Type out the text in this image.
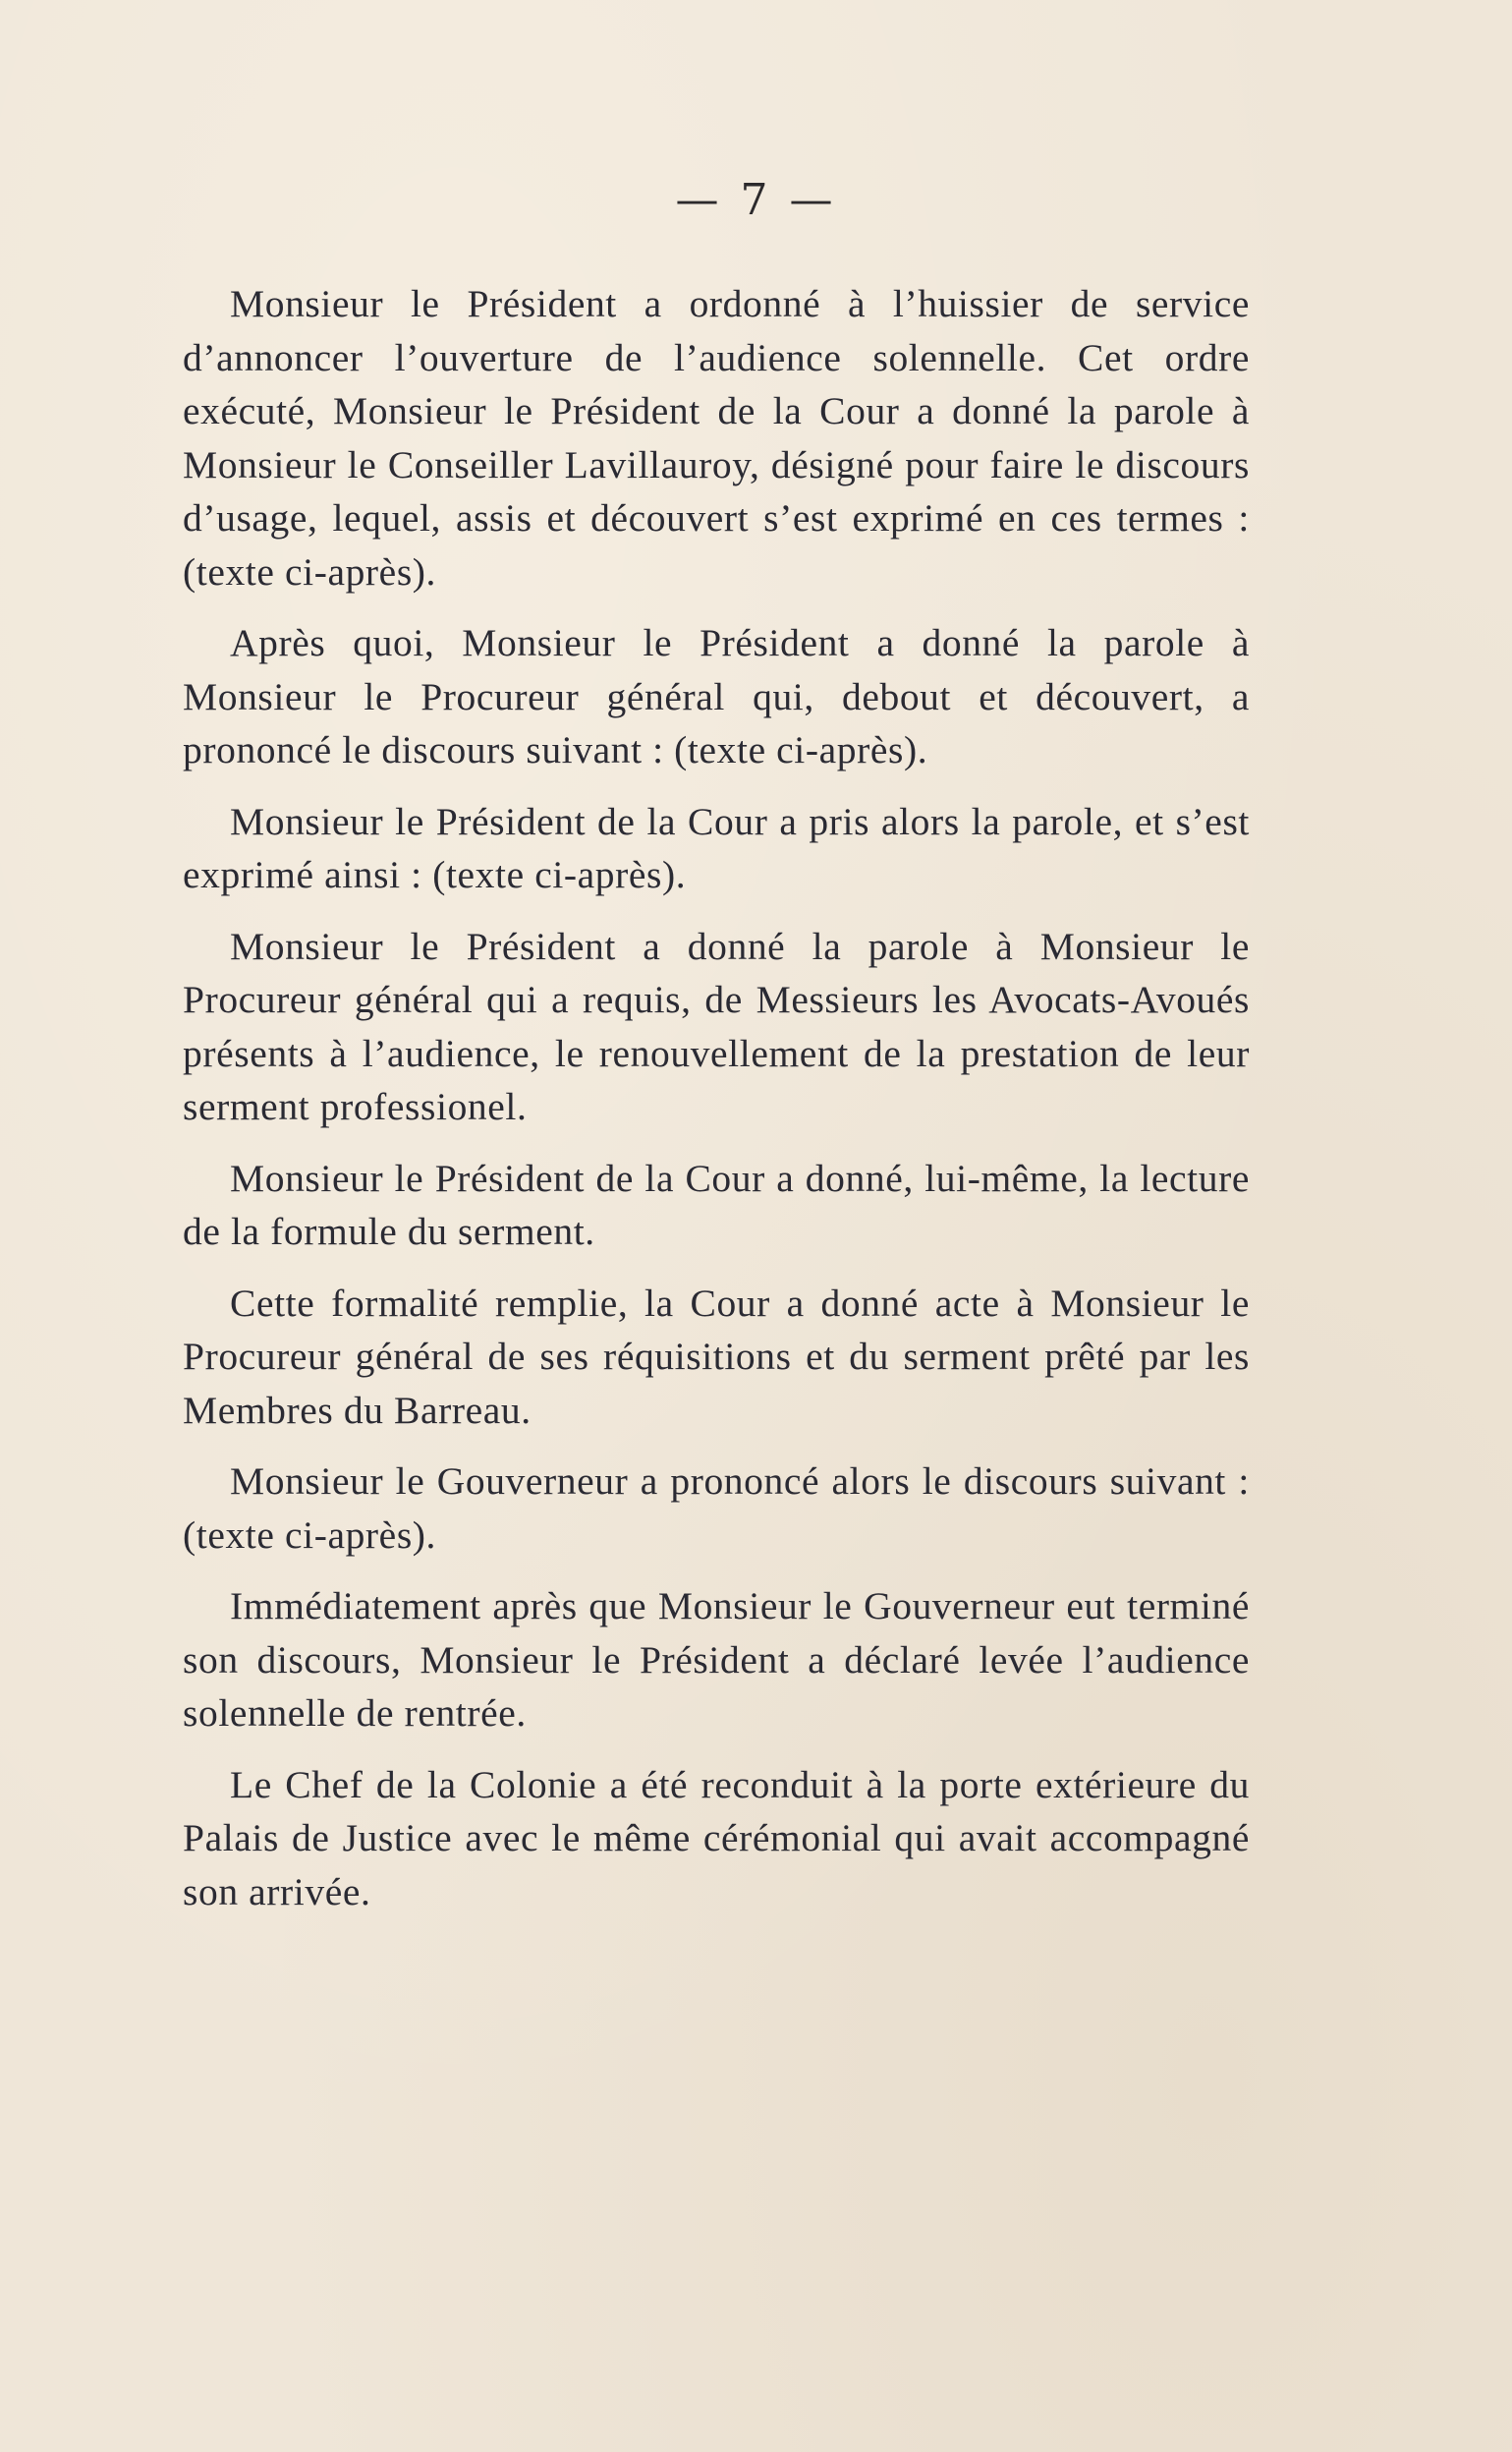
— 7 —

Monsieur le Président a ordonné à l’huissier de service d’annoncer l’ouverture de l’audience solennelle. Cet ordre exécuté, Monsieur le Président de la Cour a donné la parole à Monsieur le Conseiller Lavillauroy, désigné pour faire le discours d’usage, lequel, assis et découvert s’est exprimé en ces termes : (texte ci-après).

Après quoi, Monsieur le Président a donné la parole à Monsieur le Procureur général qui, debout et découvert, a prononcé le discours suivant : (texte ci-après).

Monsieur le Président de la Cour a pris alors la parole, et s’est exprimé ainsi : (texte ci-après).

Monsieur le Président a donné la parole à Monsieur le Procureur général qui a requis, de Messieurs les Avocats-Avoués présents à l’audience, le renouvellement de la prestation de leur serment professionel.

Monsieur le Président de la Cour a donné, lui-même, la lecture de la formule du serment.

Cette formalité remplie, la Cour a donné acte à Monsieur le Procureur général de ses réquisitions et du serment prêté par les Membres du Barreau.

Monsieur le Gouverneur a prononcé alors le discours suivant : (texte ci-après).

Immédiatement après que Monsieur le Gouverneur eut terminé son discours, Monsieur le Président a déclaré levée l’audience solennelle de rentrée.

Le Chef de la Colonie a été reconduit à la porte extérieure du Palais de Justice avec le même cérémonial qui avait accompagné son arrivée.
